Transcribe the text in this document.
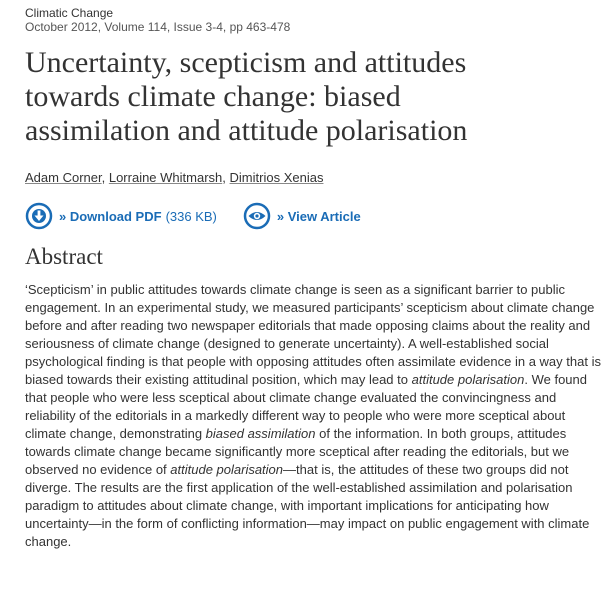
Climatic Change
October 2012, Volume 114, Issue 3-4, pp 463-478
Uncertainty, scepticism and attitudes
towards climate change: biased
assimilation and attitude polarisation
Adam Corner, Lorraine Whitmarsh, Dimitrios Xenias
» Download PDF (336 KB)	» View Article
Abstract

‘Scepticism’ in public attitudes towards climate change is seen as a significant barrier to public engagement. In an experimental study, we measured participants’ scepticism about climate change before and after reading two newspaper editorials that made opposing claims about the reality and seriousness of climate change (designed to generate uncertainty). A well-established social psychological finding is that people with opposing attitudes often assimilate evidence in a way that is biased towards their existing attitudinal position, which may lead to attitude polarisation. We found that people who were less sceptical about climate change evaluated the convincingness and reliability of the editorials in a markedly different way to people who were more sceptical about climate change, demonstrating biased assimilation of the information. In both groups, attitudes towards climate change became significantly more sceptical after reading the editorials, but we observed no evidence of attitude polarisation—that is, the attitudes of these two groups did not diverge. The results are the first application of the well-established assimilation and polarisation paradigm to attitudes about climate change, with important implications for anticipating how uncertainty—in the form of conflicting information—may impact on public engagement with climate change.
